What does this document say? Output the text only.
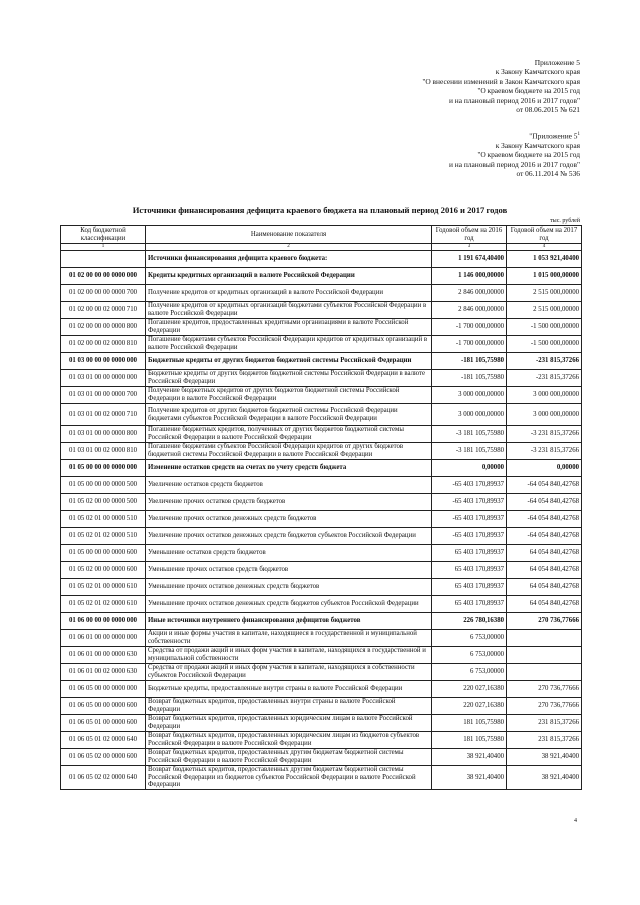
Приложение 5
к Закону Камчатского края
"О внесении изменений в Закон Камчатского края
"О краевом бюджете на 2015 год
и на плановый период 2016 и 2017 годов"
от 08.06.2015 № 621
"Приложение $5^1$
к Закону Камчатского края
"О краевом бюджете на 2015 год
и на плановый период 2016 и 2017 годов"
от 06.11.2014 № 536
Источники финансирования дефицита краевого бюджета на плановый период 2016 и 2017 годов
тыс. рублей
Код бюджетной классификации	Наименование показателя	Годовой объем на 2016 год	Годовой объем на 2017 год
1	2	3	4
	Источники финансирования дефицита краевого бюджета:	1 191 674,40400	1 053 921,40400
01 02 00 00 00 0000 000	Кредиты кредитных организаций в валюте Российской Федерации	1 146 000,00000	1 015 000,00000
01 02 00 00 00 0000 700	Получение кредитов от кредитных организаций в валюте Российской Федерации	2 846 000,00000	2 515 000,00000
01 02 00 00 02 0000 710	Получение кредитов от кредитных организаций бюджетами субъектов Российской Федерации в валюте Российской Федерации	2 846 000,00000	2 515 000,00000
01 02 00 00 00 0000 800	Погашение кредитов, предоставленных кредитными организациями в валюте Российской Федерации	-1 700 000,00000	-1 500 000,00000
01 02 00 00 02 0000 810	Погашение бюджетами субъектов Российской Федерации кредитов от кредитных организаций в валюте Российской Федерации	-1 700 000,00000	-1 500 000,00000
01 03 00 00 00 0000 000	Бюджетные кредиты от других бюджетов бюджетной системы Российской Федерации	-181 105,75980	-231 815,37266
01 03 01 00 00 0000 000	Бюджетные кредиты от других бюджетов бюджетной системы Российской Федерации в валюте Российской Федерации	-181 105,75980	-231 815,37266
01 03 01 00 00 0000 700	Получение бюджетных кредитов от других бюджетов бюджетной системы Российской Федерации в валюте Российской Федерации	3 000 000,00000	3 000 000,00000
01 03 01 00 02 0000 710	Получение кредитов от других бюджетов бюджетной системы Российской Федерации бюджетами субъектов Российской Федерации в валюте Российской Федерации	3 000 000,00000	3 000 000,00000
01 03 01 00 00 0000 800	Погашение бюджетных кредитов, полученных от других бюджетов бюджетной системы Российской Федерации в валюте Российской Федерации	-3 181 105,75980	-3 231 815,37266
01 03 01 00 02 0000 810	Погашение бюджетами субъектов Российской Федерации кредитов от других бюджетов бюджетной системы Российской Федерации в валюте Российской Федерации	-3 181 105,75980	-3 231 815,37266
01 05 00 00 00 0000 000	Изменение остатков средств на счетах по учету средств бюджета	0,00000	0,00000
01 05 00 00 00 0000 500	Увеличение остатков средств бюджетов	-65 403 170,89937	-64 054 840,42768
01 05 02 00 00 0000 500	Увеличение прочих остатков средств бюджетов	-65 403 170,89937	-64 054 840,42768
01 05 02 01 00 0000 510	Увеличение прочих остатков денежных средств бюджетов	-65 403 170,89937	-64 054 840,42768
01 05 02 01 02 0000 510	Увеличение прочих остатков денежных средств бюджетов субъектов Российской Федерации	-65 403 170,89937	-64 054 840,42768
01 05 00 00 00 0000 600	Уменьшение остатков средств бюджетов	65 403 170,89937	64 054 840,42768
01 05 02 00 00 0000 600	Уменьшение прочих остатков средств бюджетов	65 403 170,89937	64 054 840,42768
01 05 02 01 00 0000 610	Уменьшение прочих остатков денежных средств бюджетов	65 403 170,89937	64 054 840,42768
01 05 02 01 02 0000 610	Уменьшение прочих остатков денежных средств бюджетов субъектов Российской Федерации	65 403 170,89937	64 054 840,42768
01 06 00 00 00 0000 000	Иные источники внутреннего финансирования дефицитов бюджетов	226 780,16380	270 736,77666
01 06 01 00 00 0000 000	Акции и иные формы участия в капитале, находящиеся в государственной и муниципальной собственности	6 753,00000	
01 06 01 00 00 0000 630	Средства от продажи акций и иных форм участия в капитале, находящихся в государственной и муниципальной собственности	6 753,00000	
01 06 01 00 02 0000 630	Средства от продажи акций и иных форм участия в капитале, находящихся в собственности субъектов Российской Федерации	6 753,00000	
01 06 05 00 00 0000 000	Бюджетные кредиты, предоставленные внутри страны в валюте Российской Федерации	220 027,16380	270 736,77666
01 06 05 00 00 0000 600	Возврат бюджетных кредитов, предоставленных внутри страны в валюте Российской Федерации	220 027,16380	270 736,77666
01 06 05 01 00 0000 600	Возврат бюджетных кредитов, предоставленных юридическим лицам в валюте Российской Федерации	181 105,75980	231 815,37266
01 06 05 01 02 0000 640	Возврат бюджетных кредитов, предоставленных юридическим лицам из бюджетов субъектов Российской Федерации в валюте Российской Федерации	181 105,75980	231 815,37266
01 06 05 02 00 0000 600	Возврат бюджетных кредитов, предоставленных другим бюджетам бюджетной системы Российской Федерации в валюте Российской Федерации	38 921,40400	38 921,40400
01 06 05 02 02 0000 640	Возврат бюджетных кредитов, предоставленных другим бюджетам бюджетной системы Российской Федерации из бюджетов субъектов Российской Федерации в валюте Российской Федерации	38 921,40400	38 921,40400
4
